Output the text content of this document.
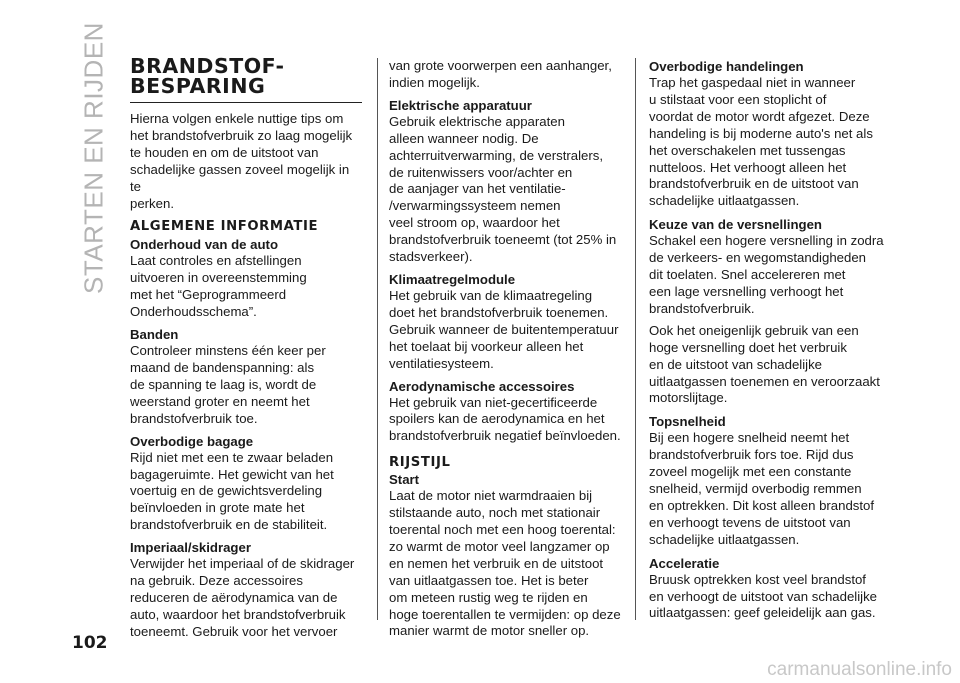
STARTEN EN RIJDEN BRANDSTOF-
BESPARING

Hierna volgen enkele nuttige tips om
het brandstofverbruik zo laag mogelijk
te houden en om de uitstoot van
schadelijke gassen zoveel mogelijk in te
perken.

ALGEMENE INFORMATIE
Onderhoud van de auto

Laat controles en afstellingen
uitvoeren in overeenstemming
met het “Geprogrammeerd
Onderhoudsschema”.

Banden

Controleer minstens één keer per
maand de bandenspanning: als
de spanning te laag is, wordt de
weerstand groter en neemt het
brandstofverbruik toe.

Overbodige bagage

Rijd niet met een te zwaar beladen
bagageruimte. Het gewicht van het
voertuig en de gewichtsverdeling
beïnvloeden in grote mate het
brandstofverbruik en de stabiliteit.

Imperiaal/skidrager

Verwijder het imperiaal of de skidrager
na gebruik. Deze accessoires
reduceren de aërodynamica van de
auto, waardoor het brandstofverbruik
toeneemt. Gebruik voor het vervoer

van grote voorwerpen een aanhanger,
indien mogelijk.

Elektrische apparatuur

Gebruik elektrische apparaten
alleen wanneer nodig. De
achterruitverwarming, de verstralers,
de ruitenwissers voor/achter en
de aanjager van het ventilatie-
/verwarmingssysteem nemen
veel stroom op, waardoor het
brandstofverbruik toeneemt (tot 25% in
stadsverkeer).

Klimaatregelmodule

Het gebruik van de klimaatregeling
doet het brandstofverbruik toenemen.
Gebruik wanneer de buitentemperatuur
het toelaat bij voorkeur alleen het
ventilatiesysteem.

Aerodynamische accessoires

Het gebruik van niet-gecertificeerde
spoilers kan de aerodynamica en het
brandstofverbruik negatief beïnvloeden.

RIJSTIJL
Start

Laat de motor niet warmdraaien bij
stilstaande auto, noch met stationair
toerental noch met een hoog toerental:
zo warmt de motor veel langzamer op
en nemen het verbruik en de uitstoot
van uitlaatgassen toe. Het is beter
om meteen rustig weg te rijden en
hoge toerentallen te vermijden: op deze
manier warmt de motor sneller op.

Overbodige handelingen

Trap het gaspedaal niet in wanneer
u stilstaat voor een stoplicht of
voordat de motor wordt afgezet. Deze
handeling is bij moderne auto's net als
het overschakelen met tussengas
nutteloos. Het verhoogt alleen het
brandstofverbruik en de uitstoot van
schadelijke uitlaatgassen.

Keuze van de versnellingen

Schakel een hogere versnelling in zodra
de verkeers- en wegomstandigheden
dit toelaten. Snel accelereren met
een lage versnelling verhoogt het
brandstofverbruik.

Ook het oneigenlijk gebruik van een
hoge versnelling doet het verbruik
en de uitstoot van schadelijke
uitlaatgassen toenemen en veroorzaakt
motorslijtage.

Topsnelheid

Bij een hogere snelheid neemt het
brandstofverbruik fors toe. Rijd dus
zoveel mogelijk met een constante
snelheid, vermijd overbodig remmen
en optrekken. Dit kost alleen brandstof
en verhoogt tevens de uitstoot van
schadelijke uitlaatgassen.

Acceleratie

Bruusk optrekken kost veel brandstof
en verhoogt de uitstoot van schadelijke
uitlaatgassen: geef geleidelijk aan gas.

102
carmanualsonline.info
